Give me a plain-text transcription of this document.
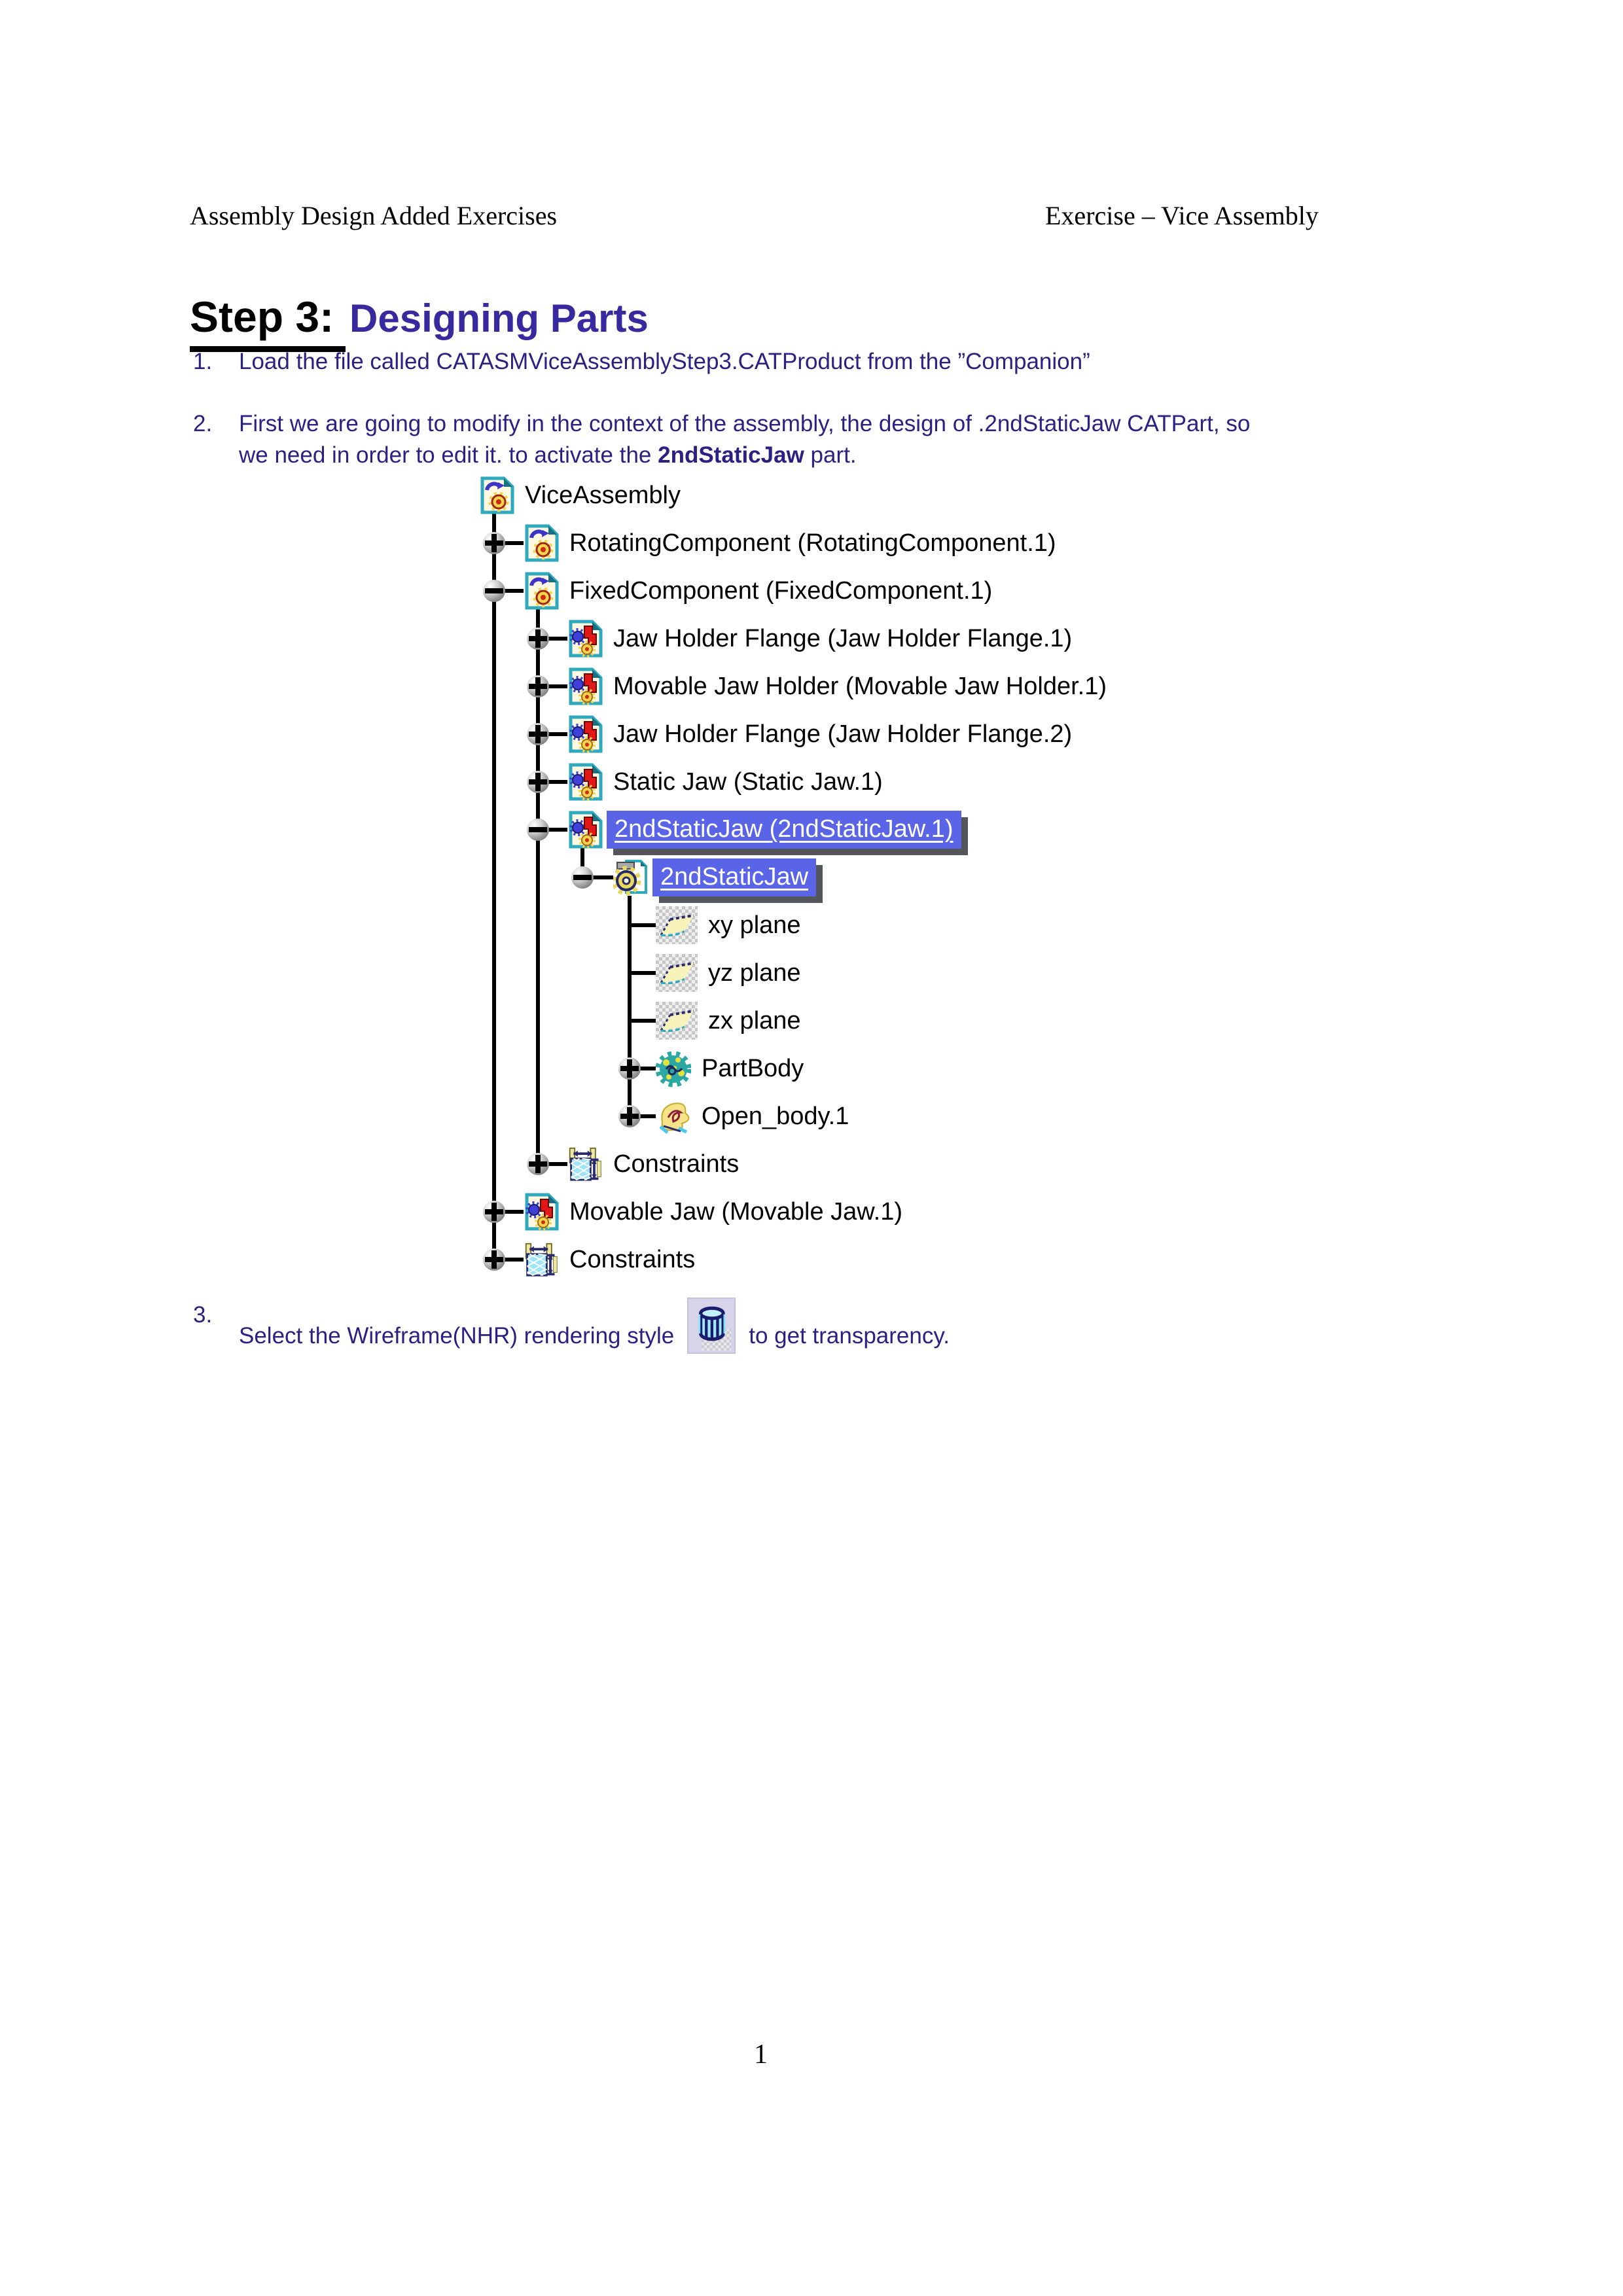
Assembly Design Added Exercises	Exercise – Vice Assembly
Step 3: Designing Parts
1. Load the file called CATASMViceAssemblyStep3.CATProduct from the ”Companion”
2. First we are going to modify in the context of the assembly, the design of .2ndStaticJaw CATPart, so
we need in order to edit it. to activate the 2ndStaticJaw part.
ViceAssembly
RotatingComponent (RotatingComponent.1)
FixedComponent (FixedComponent.1)
Jaw Holder Flange (Jaw Holder Flange.1)
Movable Jaw Holder (Movable Jaw Holder.1)
Jaw Holder Flange (Jaw Holder Flange.2)
Static Jaw (Static Jaw.1)
2ndStaticJaw (2ndStaticJaw.1)
2ndStaticJaw
xy plane
yz plane
zx plane
PartBody
Open_body.1
Constraints
Movable Jaw (Movable Jaw.1)
Constraints
3.
Select the Wireframe(NHR) rendering style	to get transparency.
1
